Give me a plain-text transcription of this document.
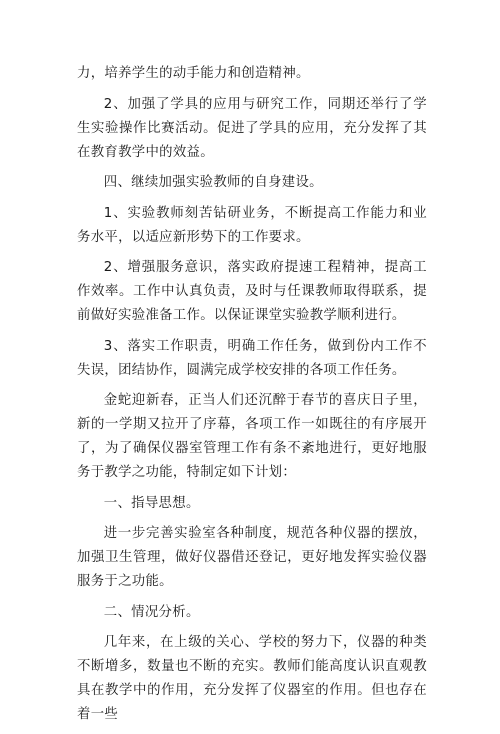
力，培养学生的动手能力和创造精神。

2、加强了学具的应用与研究工作，同期还举行了学生实验操作比赛活动。促进了学具的应用，充分发挥了其在教育教学中的效益。

四、继续加强实验教师的自身建设。

1、实验教师刻苦钻研业务，不断提高工作能力和业务水平，以适应新形势下的工作要求。

2、增强服务意识，落实政府提速工程精神，提高工作效率。工作中认真负责，及时与任课教师取得联系，提前做好实验准备工作。以保证课堂实验教学顺利进行。

3、落实工作职责，明确工作任务，做到份内工作不失误，团结协作，圆满完成学校安排的各项工作任务。

金蛇迎新春，正当人们还沉醉于春节的喜庆日子里，新的一学期又拉开了序幕，各项工作一如既往的有序展开了，为了确保仪器室管理工作有条不紊地进行，更好地服务于教学之功能，特制定如下计划：

一、指导思想。

进一步完善实验室各种制度，规范各种仪器的摆放，加强卫生管理，做好仪器借还登记，更好地发挥实验仪器服务于之功能。

二、情况分析。

几年来，在上级的关心、学校的努力下，仪器的种类不断增多，数量也不断的充实。教师们能高度认识直观教具在教学中的作用，充分发挥了仪器室的作用。但也存在着一些
